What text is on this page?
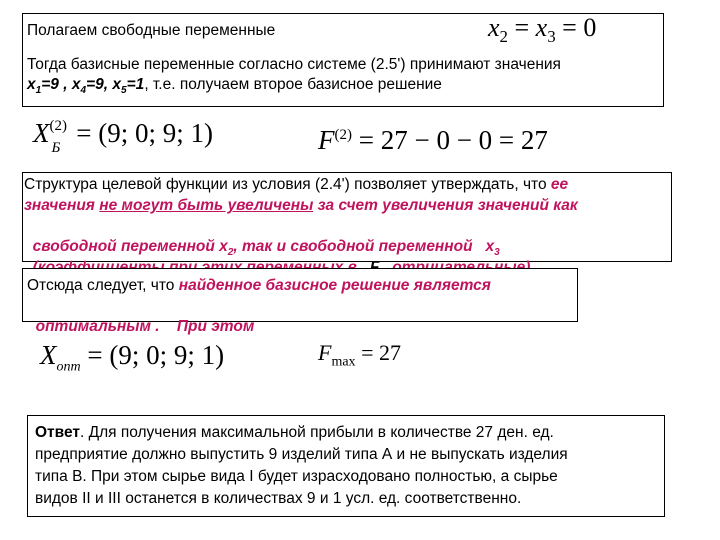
Полагаем свободные переменные	$x_2 = x_3 = 0$
Тогда базисные переменные согласно системе (2.5') принимают значения
$x_1=9$ , $x_4=9$, $x_5=1$, т.е. получаем второе базисное решение
X (2)
Б = (9; 0; 9; 1)	$F^{(2)} = 27 - 0 - 0 = 27$
Структура целевой функции из условия (2.4') позволяет утверждать, что ее
значения не могут быть увеличены за счет увеличения значений как

свободной переменной $x_2$, так и свободной переменной   $x_3$

Отсюда следует, что найденное базисное решение является

оптимальным .    При этом

$X_{опт} = (9$; 0; 9; 1)	$F_{max} = 27$
Ответ. Для получения максимальной прибыли в количестве 27 ден. ед.
предприятие должно выпустить 9 изделий типа А и не выпускать изделия
типа В. При этом сырье вида I будет израсходовано полностью, а сырье
видов II и III останется в количествах 9 и 1 усл. ед. соответственно.
